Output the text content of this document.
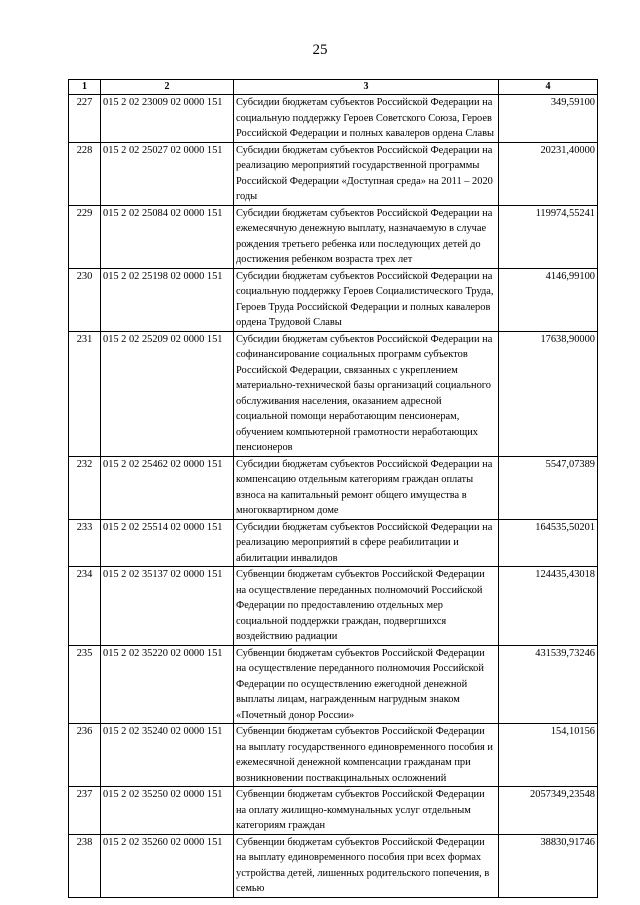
25
1	2	3	4
227	015 2 02 23009 02 0000 151	Субсидии бюджетам субъектов Российской Федерации на социальную поддержку Героев Советского Союза, Героев Российской Федерации и полных кавалеров ордена Славы	349,59100
228	015 2 02 25027 02 0000 151	Субсидии бюджетам субъектов Российской Федерации на реализацию мероприятий государственной программы Российской Федерации «Доступная среда» на 2011 – 2020 годы	20231,40000
229	015 2 02 25084 02 0000 151	Субсидии бюджетам субъектов Российской Федерации на ежемесячную денежную выплату, назначаемую в случае рождения третьего ребенка или последующих детей до достижения ребенком возраста трех лет	119974,55241
230	015 2 02 25198 02 0000 151	Субсидии бюджетам субъектов Российской Федерации на социальную поддержку Героев Социалистического Труда, Героев Труда Российской Федерации и полных кавалеров ордена Трудовой Славы	4146,99100
231	015 2 02 25209 02 0000 151	Субсидии бюджетам субъектов Российской Федерации на софинансирование социальных программ субъектов Российской Федерации, связанных с укреплением материально-технической базы организаций социального обслуживания населения, оказанием адресной социальной помощи неработающим пенсионерам, обучением компьютерной грамотности неработающих пенсионеров	17638,90000
232	015 2 02 25462 02 0000 151	Субсидии бюджетам субъектов Российской Федерации на компенсацию отдельным категориям граждан оплаты взноса на капитальный ремонт общего имущества в многоквартирном доме	5547,07389
233	015 2 02 25514 02 0000 151	Субсидии бюджетам субъектов Российской Федерации на реализацию мероприятий в сфере реабилитации и абилитации инвалидов	164535,50201
234	015 2 02 35137 02 0000 151	Субвенции бюджетам субъектов Российской Федерации на осуществление переданных полномочий Российской Федерации по предоставлению отдельных мер социальной поддержки граждан, подвергшихся воздействию радиации	124435,43018
235	015 2 02 35220 02 0000 151	Субвенции бюджетам субъектов Российской Федерации на осуществление переданного полномочия Российской Федерации по осуществлению ежегодной денежной выплаты лицам, награжденным нагрудным знаком «Почетный донор России»	431539,73246
236	015 2 02 35240 02 0000 151	Субвенции бюджетам субъектов Российской Федерации на выплату государственного единовременного пособия и ежемесячной денежной компенсации гражданам при возникновении поствакцинальных осложнений	154,10156
237	015 2 02 35250 02 0000 151	Субвенции бюджетам субъектов Российской Федерации на оплату жилищно-коммунальных услуг отдельным категориям граждан	2057349,23548
238	015 2 02 35260 02 0000 151	Субвенции бюджетам субъектов Российской Федерации на выплату единовременного пособия при всех формах устройства детей, лишенных родительского попечения, в семью	38830,91746
